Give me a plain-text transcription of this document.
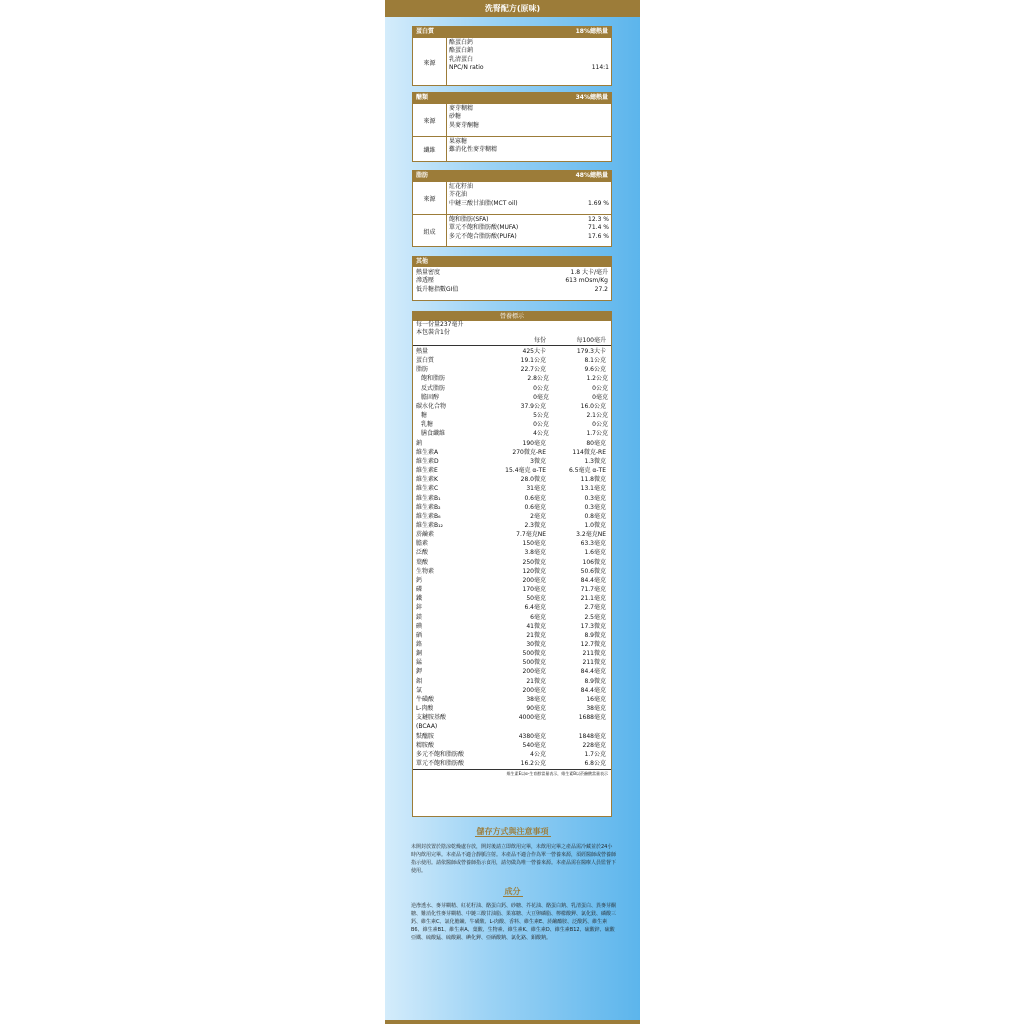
洗腎配方(原味)
蛋白質	18%總熱量
來源
酪蛋白鈣
酪蛋白鈉
乳清蛋白
NPC/N ratio	114:1
醣類	34%總熱量
來源
麥芽糊精
砂糖
異麥芽酮糖
纖維
果寡糖
難消化性麥芽糊精
脂肪	48%總熱量
來源
紅花籽油
芥花油
中鏈三酸甘油脂(MCT oil)	1.69 %
組成
飽和脂肪(SFA)	12.3 %
單元不飽和脂肪酸(MUFA)	71.4 %
多元不飽合脂肪酸(PUFA)	17.6 %
其他
熱量密度	1.8 大卡/毫升
滲透壓	613 mOsm/Kg
低升糖指數GI值	27.2
營養標示
每一份量237毫升
本包裝含1份
每份	每100毫升
熱量	425大卡	179.3大卡
蛋白質	19.1公克	8.1公克
脂肪	22.7公克	9.6公克
飽和脂肪	2.8公克	1.2公克
反式脂肪	0公克	0公克
膽固醇	0毫克	0毫克
碳水化合物	37.9公克	16.0公克
糖	5公克	2.1公克
乳糖	0公克	0公克
膳食纖維	4公克	1.7公克
鈉	190毫克	80毫克
維生素A	270微克-RE	114微克-RE
維生素D	3微克	1.3微克
維生素E	15.4毫克 α-TE	6.5毫克 α-TE
維生素K	28.0微克	11.8微克
維生素C	31毫克	13.1毫克
維生素B₁	0.6毫克	0.3毫克
維生素B₂	0.6毫克	0.3毫克
維生素B₆	2毫克	0.8毫克
維生素B₁₂	2.3微克	1.0微克
菸鹼素	7.7毫克NE	3.2毫克NE
膽素	150毫克	63.3毫克
泛酸	3.8毫克	1.6毫克
葉酸	250微克	106微克
生物素	120微克	50.6微克
鈣	200毫克	84.4毫克
磷	170毫克	71.7毫克
鐵	50毫克	21.1毫克
鋅	6.4毫克	2.7毫克
鎂	6毫克	2.5毫克
碘	41微克	17.3微克
硒	21微克	8.9微克
鉻	30微克	12.7微克
銅	500微克	211微克
錳	500微克	211微克
鉀	200毫克	84.4毫克
鉬	21微克	8.9微克
氯	200毫克	84.4毫克
牛磺酸	38毫克	16毫克
L-肉酸	90毫克	38毫克
支鏈胺基酸	4000毫克	1688毫克
(BCAA)
麩醯胺	4380毫克	1848毫克
精胺酸	540毫克	228毫克
多元不飽和脂肪酸	4公克	1.7公克
單元不飽和脂肪酸	16.2公克	6.8公克
維生素E以α-生育醇當量表示，維生素B以菸鹼酸當量表示
儲存方式與注意事項
未開封放置於陰涼乾燥處存放，開封後請立即飲用完畢，未飲用完畢之產品需冷藏並於24小時內飲用完畢。本產品不適合靜脈注射。本產品不適合作為單一營養來源，須經醫師或營養師指示使用。請依醫師或營養師指示食用，請勿做為唯一營養來源。本產品需在醫療人員監督下使用。
成分
逆滲透水、麥芽糊精、紅花籽油、酪蛋白鈣、砂糖、芥花油、酪蛋白鈉、乳清蛋白、異麥芽酮糖、難消化性麥芽糊精、中鏈三酸甘油脂、果寡糖、大豆卵磷脂、檸檬酸鉀、氯化鎂、磷酸三鈣、維生素C、氯化膽鹼、牛磺酸、L-肉酸、香料、維生素E、菸鹼醯胺、泛酸鈣、維生素B6、維生素B1、維生素A、葉酸、生物素、維生素K、維生素D、維生素B12、硫酸鋅、硫酸亞鐵、硫酸錳、硫酸銅、碘化鉀、亞硒酸鈉、氯化鉻、鉬酸鈉。
